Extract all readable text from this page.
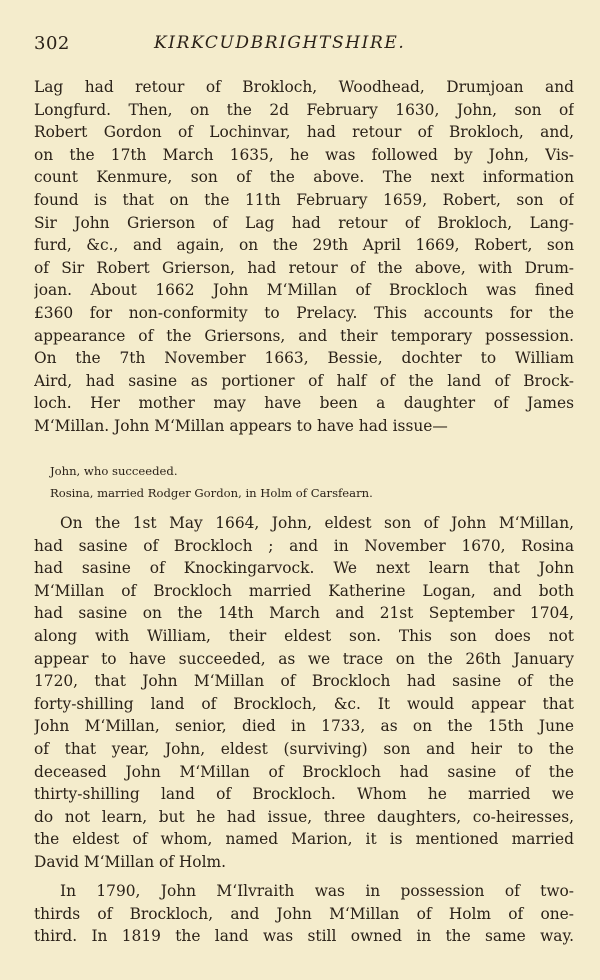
302	KIRKCUDBRIGHTSHIRE.
Lag had retour of Brokloch, Woodhead, Drumjoan and
Longfurd. Then, on the 2d February 1630, John, son of
Robert Gordon of Lochinvar, had retour of Brokloch, and,
on the 17th March 1635, he was followed by John, Vis-
count Kenmure, son of the above. The next information
found is that on the 11th February 1659, Robert, son of
Sir John Grierson of Lag had retour of Brokloch, Lang-
furd, &c., and again, on the 29th April 1669, Robert, son
of Sir Robert Grierson, had retour of the above, with Drum-
joan. About 1662 John M‘Millan of Brockloch was fined
£360 for non-conformity to Prelacy. This accounts for the
appearance of the Griersons, and their temporary possession.
On the 7th November 1663, Bessie, dochter to William
Aird, had sasine as portioner of half of the land of Brock-
loch. Her mother may have been a daughter of James
M‘Millan. John M‘Millan appears to have had issue—
John, who succeeded.
Rosina, married Rodger Gordon, in Holm of Carsfearn.
On the 1st May 1664, John, eldest son of John M‘Millan,
had sasine of Brockloch ; and in November 1670, Rosina
had sasine of Knockingarvock. We next learn that John
M‘Millan of Brockloch married Katherine Logan, and both
had sasine on the 14th March and 21st September 1704,
along with William, their eldest son. This son does not
appear to have succeeded, as we trace on the 26th January
1720, that John M‘Millan of Brockloch had sasine of the
forty-shilling land of Brockloch, &c. It would appear that
John M‘Millan, senior, died in 1733, as on the 15th June
of that year, John, eldest (surviving) son and heir to the
deceased John M‘Millan of Brockloch had sasine of the
thirty-shilling land of Brockloch. Whom he married we
do not learn, but he had issue, three daughters, co-heiresses,
the eldest of whom, named Marion, it is mentioned married
David M‘Millan of Holm.
In 1790, John M‘Ilvraith was in possession of two-
thirds of Brockloch, and John M‘Millan of Holm of one-
third. In 1819 the land was still owned in the same way.
